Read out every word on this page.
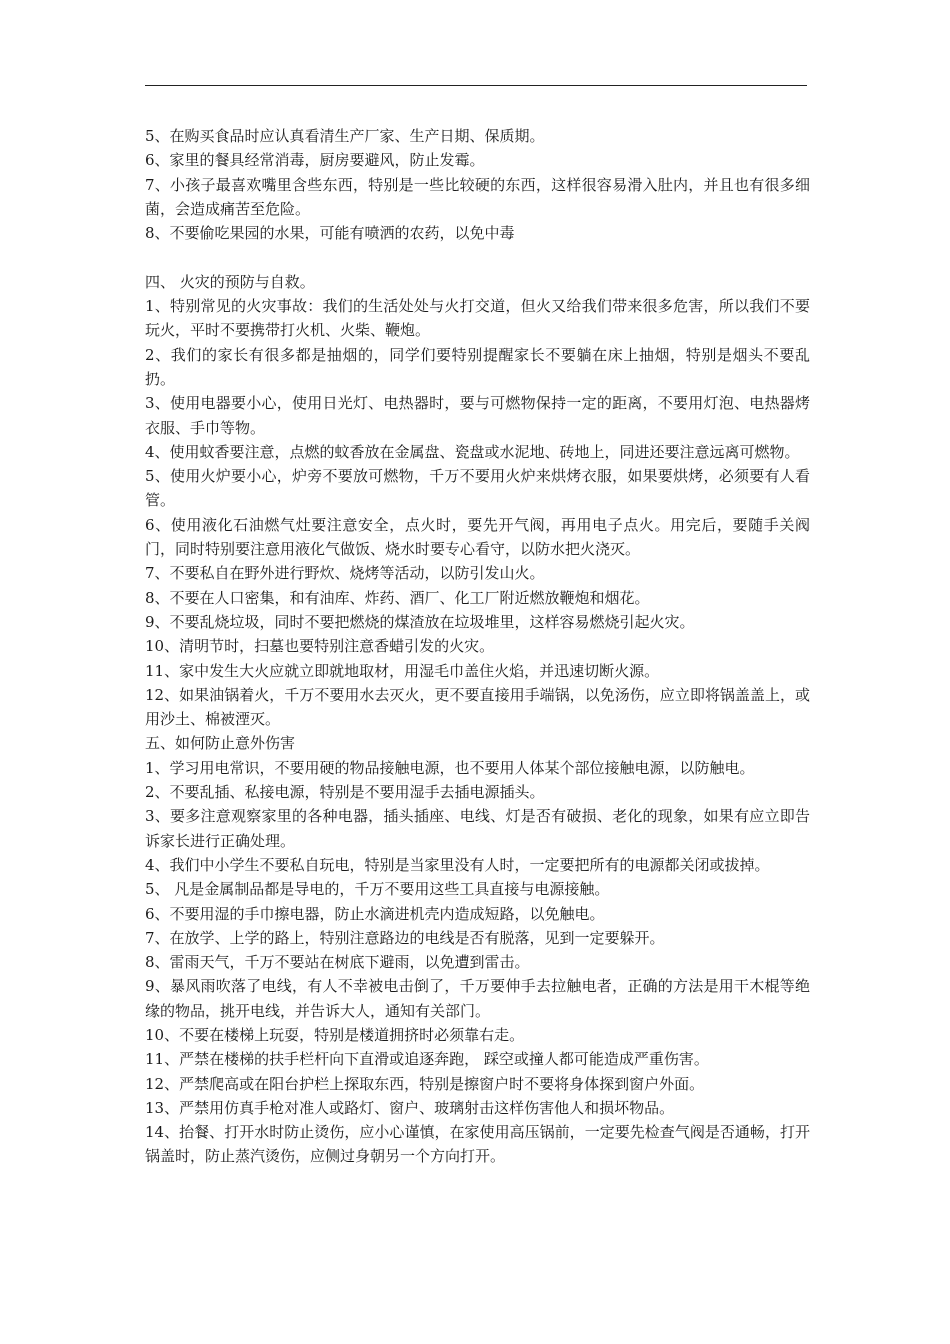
5、在购买食品时应认真看清生产厂家、生产日期、保质期。

6、家里的餐具经常消毒，厨房要避风，防止发霉。

7、小孩子最喜欢嘴里含些东西，特别是一些比较硬的东西，这样很容易滑入肚内，并且也有很多细菌，会造成痛苦至危险。

8、不要偷吃果园的水果，可能有喷洒的农药，以免中毒

四、 火灾的预防与自救。

1、特别常见的火灾事故：我们的生活处处与火打交道，但火又给我们带来很多危害，所以我们不要玩火，平时不要携带打火机、火柴、鞭炮。

2、我们的家长有很多都是抽烟的，同学们要特别提醒家长不要躺在床上抽烟，特别是烟头不要乱扔。

3、使用电器要小心，使用日光灯、电热器时，要与可燃物保持一定的距离，不要用灯泡、电热器烤衣服、手巾等物。

4、使用蚊香要注意，点燃的蚊香放在金属盘、瓷盘或水泥地、砖地上，同进还要注意远离可燃物。

5、使用火炉要小心，炉旁不要放可燃物，千万不要用火炉来烘烤衣服，如果要烘烤，必须要有人看管。

6、使用液化石油燃气灶要注意安全，点火时，要先开气阀，再用电子点火。用完后，要随手关阀门，同时特别要注意用液化气做饭、烧水时要专心看守，以防水把火浇灭。

7、不要私自在野外进行野炊、烧烤等活动，以防引发山火。

8、不要在人口密集，和有油库、炸药、酒厂、化工厂附近燃放鞭炮和烟花。

9、不要乱烧垃圾，同时不要把燃烧的煤渣放在垃圾堆里，这样容易燃烧引起火灾。

10、清明节时，扫墓也要特别注意香蜡引发的火灾。

11、家中发生大火应就立即就地取材，用湿毛巾盖住火焰，并迅速切断火源。

12、如果油锅着火，千万不要用水去灭火，更不要直接用手端锅，以免汤伤，应立即将锅盖盖上，或用沙土、棉被湮灭。

五、如何防止意外伤害

1、学习用电常识，不要用硬的物品接触电源，也不要用人体某个部位接触电源，以防触电。

2、不要乱插、私接电源，特别是不要用湿手去插电源插头。

3、要多注意观察家里的各种电器，插头插座、电线、灯是否有破损、老化的现象，如果有应立即告诉家长进行正确处理。

4、我们中小学生不要私自玩电，特别是当家里没有人时，一定要把所有的电源都关闭或拔掉。

5、 凡是金属制品都是导电的，千万不要用这些工具直接与电源接触。

6、不要用湿的手巾擦电器，防止水滴进机壳内造成短路，以免触电。

7、在放学、上学的路上，特别注意路边的电线是否有脱落，见到一定要躲开。

8、雷雨天气，千万不要站在树底下避雨，以免遭到雷击。

9、暴风雨吹落了电线，有人不幸被电击倒了，千万要伸手去拉触电者，正确的方法是用干木棍等绝缘的物品，挑开电线，并告诉大人，通知有关部门。

10、不要在楼梯上玩耍，特别是楼道拥挤时必须靠右走。

11、严禁在楼梯的扶手栏杆向下直滑或追逐奔跑， 踩空或撞人都可能造成严重伤害。

12、严禁爬高或在阳台护栏上探取东西，特别是擦窗户时不要将身体探到窗户外面。

13、严禁用仿真手枪对准人或路灯、窗户、玻璃射击这样伤害他人和损坏物品。

14、抬餐、打开水时防止烫伤，应小心谨慎，在家使用高压锅前，一定要先检查气阀是否通畅，打开锅盖时，防止蒸汽烫伤，应侧过身朝另一个方向打开。
